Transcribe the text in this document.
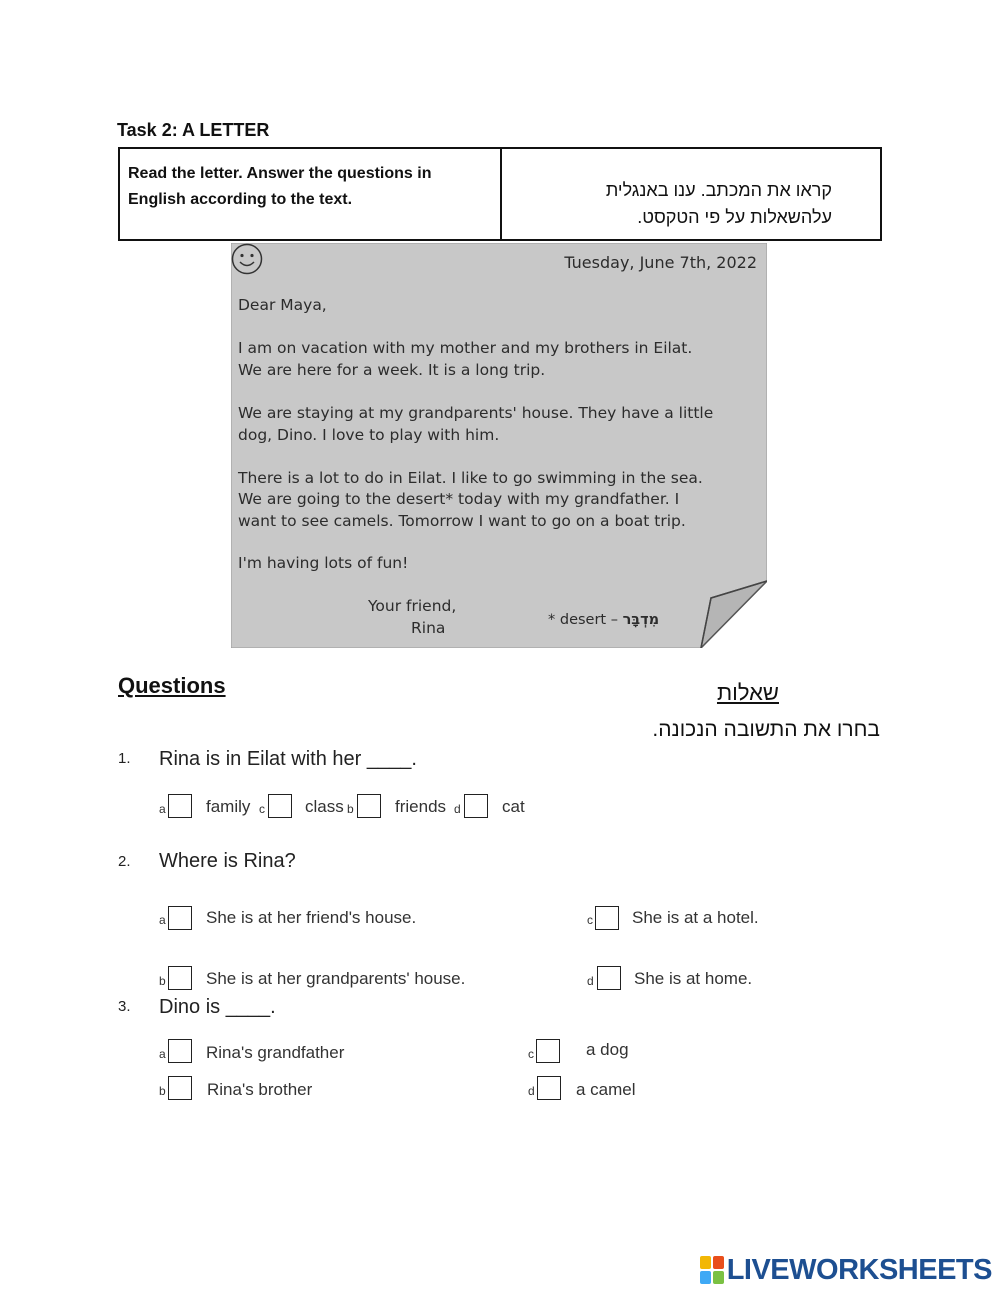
Task 2: A LETTER
Read the letter. Answer the questions in English according to the text.	קראו את המכתב. ענו באנגלית
עלהשאלות על פי הטקסט.
Tuesday, June 7th, 2022
Dear Maya,
I am on vacation with my mother and my brothers in Eilat.
We are here for a week. It is a long trip.
We are staying at my grandparents' house. They have a little
dog, Dino. I love to play with him.
There is a lot to do in Eilat. I like to go swimming in the sea.
We are going to the desert* today with my grandfather. I
want to see camels. Tomorrow I want to go on a boat trip.
I'm having lots of fun!
Your friend,
Rina	* desert – מִדְבָּר
Questions	שאלות
בחרו את התשובה הנכונה.
1. Rina is in Eilat with her ____.
a family c class b friends d cat
2. Where is Rina?
a She is at her friend's house.	c She is at a hotel.
b She is at her grandparents' house.	d She is at home.
3. Dino is ____.
a Rina's grandfather	c	a dog
b Rina's brother	d a camel
LIVEWORKSHEETS
